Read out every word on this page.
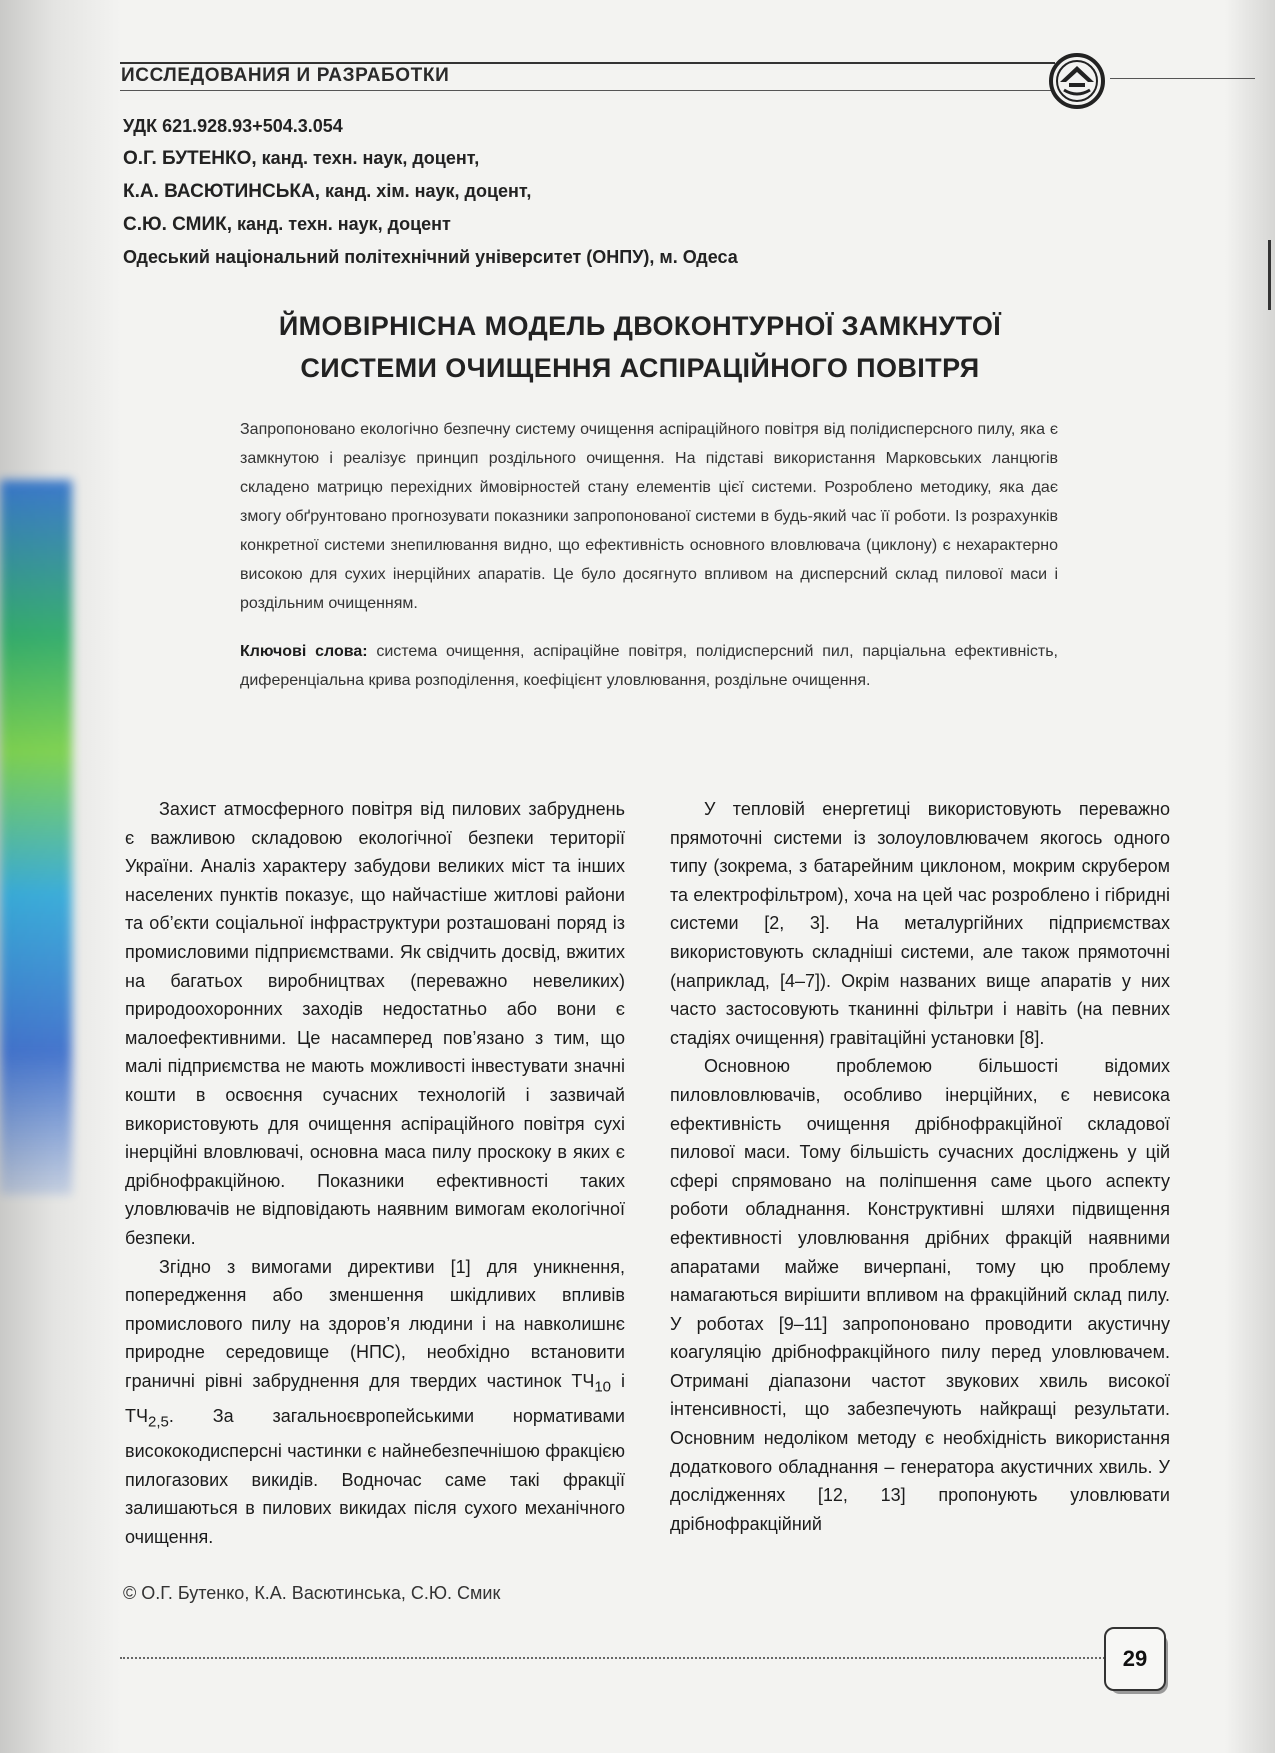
ИССЛЕДОВАНИЯ И РАЗРАБОТКИ
УДК 621.928.93+504.3.054
О.Г. БУТЕНКО, канд. техн. наук, доцент,
К.А. ВАСЮТИНСЬКА, канд. хім. наук, доцент,
С.Ю. СМИК, канд. техн. наук, доцент
Одеський національний політехнічний університет (ОНПУ), м. Одеса
ЙМОВІРНІСНА МОДЕЛЬ ДВОКОНТУРНОЇ ЗАМКНУТОЇ
СИСТЕМИ ОЧИЩЕННЯ АСПІРАЦІЙНОГО ПОВІТРЯ

Запропоновано екологічно безпечну систему очищення аспіраційного повітря від полідисперсного пилу, яка є замкнутою і реалізує принцип роздільного очищення. На підставі використання Марковських ланцюгів складено матрицю перехідних ймовірностей стану елементів цієї системи. Розроблено методику, яка дає змогу обґрунтовано прогнозувати показники запропонованої системи в будь-який час її роботи. Із розрахунків конкретної системи знепилювання видно, що ефективність основного вловлювача (циклону) є нехарактерно високою для сухих інерційних апаратів. Це було досягнуто впливом на дисперсний склад пилової маси і роздільним очищенням.

Ключові слова: система очищення, аспіраційне повітря, полідисперсний пил, парціальна ефективність, диференціальна крива розподілення, коефіцієнт уловлювання, роздільне очищення.

Захист атмосферного повітря від пилових забруднень є важливою складовою екологічної безпеки території України. Аналіз характеру забудови великих міст та інших населених пунктів показує, що найчастіше житлові райони та об’єкти соціальної інфраструктури розташовані поряд із промисловими підприємствами. Як свідчить досвід, вжитих на багатьох виробництвах (переважно невеликих) природоохоронних заходів недостатньо або вони є малоефективними. Це насамперед пов’язано з тим, що малі підприємства не мають можливості інвестувати значні кошти в освоєння сучасних технологій і зазвичай використовують для очищення аспіраційного повітря сухі інерційні вловлювачі, основна маса пилу проскоку в яких є дрібнофракційною. Показники ефективності таких уловлювачів не відповідають наявним вимогам екологічної безпеки.

Згідно з вимогами директиви [1] для уникнення, попередження або зменшення шкідливих впливів промислового пилу на здоров’я людини і на навколишнє природне середовище (НПС), необхідно встановити граничні рівні забруднення для твердих частинок $ТЧ_{10}$ і $ТЧ_{2,5}$. За загальноєвропейськими нормативами висококодисперсні частинки є найнебезпечнішою фракцією пилогазових викидів. Водночас саме такі фракції залишаються в пилових викидах після сухого механічного очищення.

У тепловій енергетиці використовують переважно прямоточні системи із золоуловлювачем якогось одного типу (зокрема, з батарейним циклоном, мокрим скрубером та електрофільтром), хоча на цей час розроблено і гібридні системи [2, 3]. На металургійних підприємствах використовують складніші системи, але також прямоточні (наприклад, [4–7]). Окрім названих вище апаратів у них часто застосовують тканинні фільтри і навіть (на певних стадіях очищення) гравітаційні установки [8].

Основною проблемою більшості відомих пиловловлювачів, особливо інерційних, є невисока ефективність очищення дрібнофракційної складової пилової маси. Тому більшість сучасних досліджень у цій сфері спрямовано на поліпшення саме цього аспекту роботи обладнання. Конструктивні шляхи підвищення ефективності уловлювання дрібних фракцій наявними апаратами майже вичерпані, тому цю проблему намагаються вирішити впливом на фракційний склад пилу. У роботах [9–11] запропоновано проводити акустичну коагуляцію дрібнофракційного пилу перед уловлювачем. Отримані діапазони частот звукових хвиль високої інтенсивності, що забезпечують найкращі результати. Основним недоліком методу є необхідність використання додаткового обладнання – генератора акустичних хвиль. У дослідженнях [12, 13] пропонують уловлювати дрібнофракційний

© О.Г. Бутенко, К.А. Васютинська, С.Ю. Смик
29
